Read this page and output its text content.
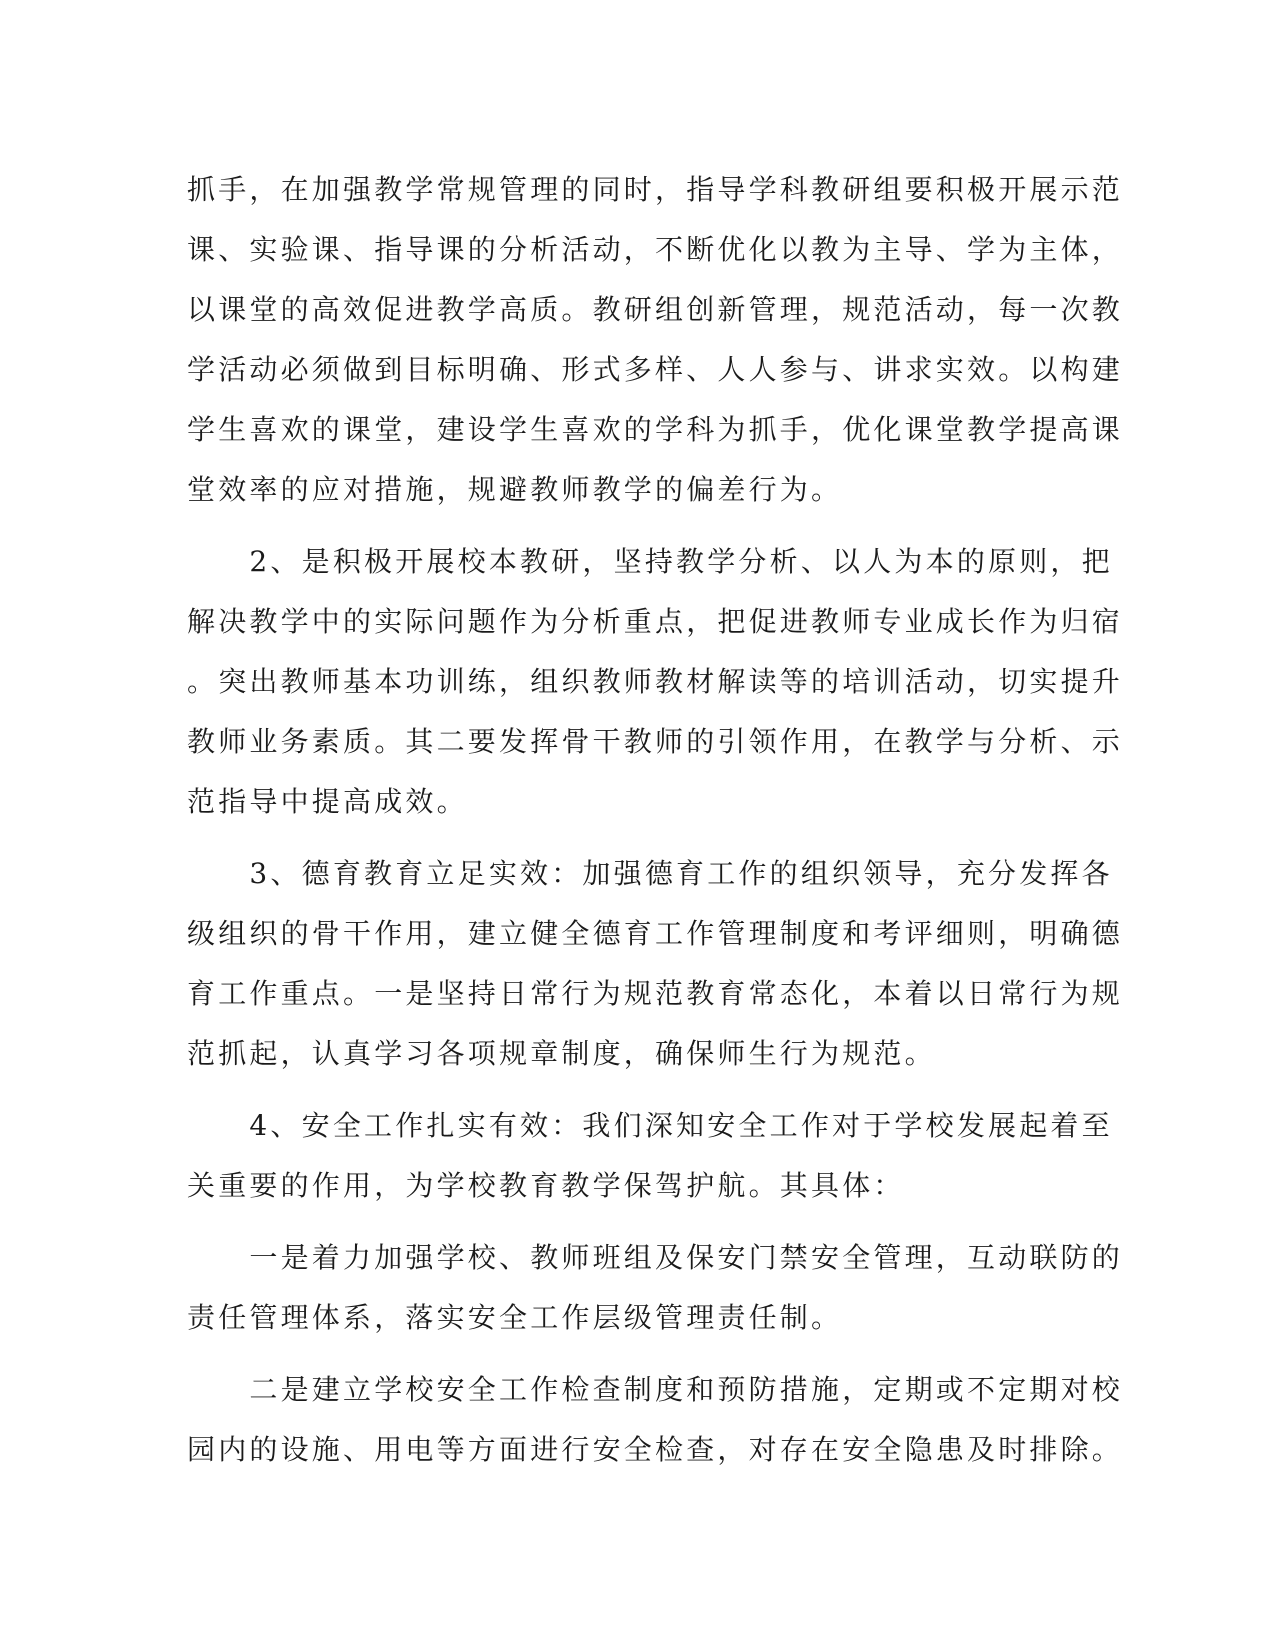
抓手，在加强教学常规管理的同时，指导学科教研组要积极开展示范
课、实验课、指导课的分析活动，不断优化以教为主导、学为主体，
以课堂的高效促进教学高质。教研组创新管理，规范活动，每一次教
学活动必须做到目标明确、形式多样、人人参与、讲求实效。以构建
学生喜欢的课堂，建设学生喜欢的学科为抓手，优化课堂教学提高课
堂效率的应对措施，规避教师教学的偏差行为。
　　2、是积极开展校本教研，坚持教学分析、以人为本的原则，把
解决教学中的实际问题作为分析重点，把促进教师专业成长作为归宿
。突出教师基本功训练，组织教师教材解读等的培训活动，切实提升
教师业务素质。其二要发挥骨干教师的引领作用，在教学与分析、示
范指导中提高成效。
　　3、德育教育立足实效：加强德育工作的组织领导，充分发挥各
级组织的骨干作用，建立健全德育工作管理制度和考评细则，明确德
育工作重点。一是坚持日常行为规范教育常态化，本着以日常行为规
范抓起，认真学习各项规章制度，确保师生行为规范。
　　4、安全工作扎实有效：我们深知安全工作对于学校发展起着至
关重要的作用，为学校教育教学保驾护航。其具体：
　　一是着力加强学校、教师班组及保安门禁安全管理，互动联防的
责任管理体系，落实安全工作层级管理责任制。
　　二是建立学校安全工作检查制度和预防措施，定期或不定期对校
园内的设施、用电等方面进行安全检查，对存在安全隐患及时排除。
